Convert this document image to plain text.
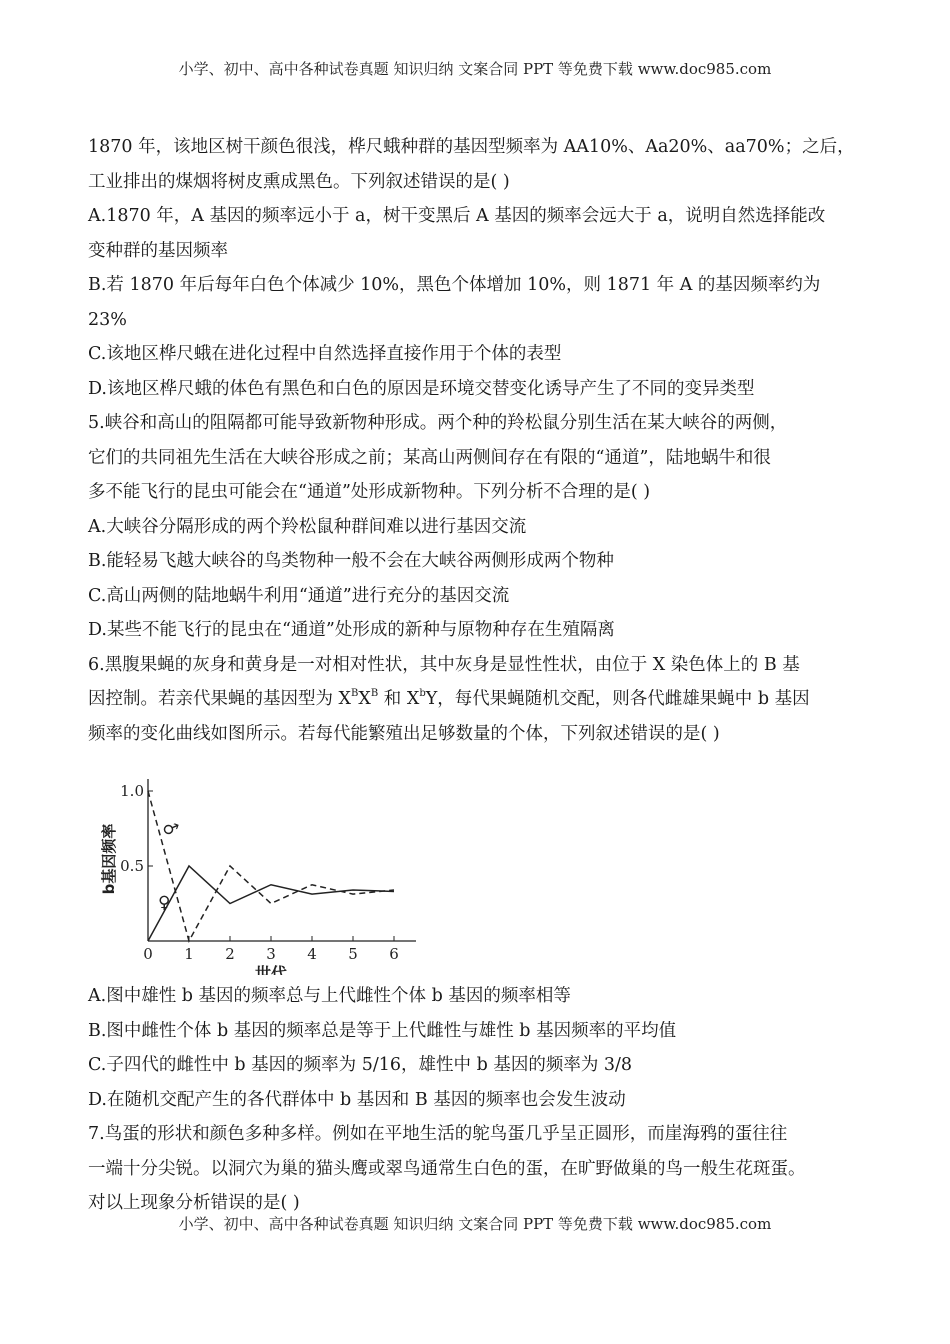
小学、初中、高中各种试卷真题 知识归纳 文案合同 PPT 等免费下载 www.doc985.com
1870 年，该地区树干颜色很浅，桦尺蛾种群的基因型频率为 AA10%、Aa20%、aa70%；之后，
工业排出的煤烟将树皮熏成黑色。下列叙述错误的是( )
A.1870 年，A 基因的频率远小于 a，树干变黑后 A 基因的频率会远大于 a，说明自然选择能改
变种群的基因频率
B.若 1870 年后每年白色个体减少 10%，黑色个体增加 10%，则 1871 年 A 的基因频率约为
23%
C.该地区桦尺蛾在进化过程中自然选择直接作用于个体的表型
D.该地区桦尺蛾的体色有黑色和白色的原因是环境交替变化诱导产生了不同的变异类型
5.峡谷和高山的阻隔都可能导致新物种形成。两个种的羚松鼠分别生活在某大峡谷的两侧，
它们的共同祖先生活在大峡谷形成之前；某高山两侧间存在有限的“通道”，陆地蜗牛和很
多不能飞行的昆虫可能会在“通道”处形成新物种。下列分析不合理的是( )
A.大峡谷分隔形成的两个羚松鼠种群间难以进行基因交流
B.能轻易飞越大峡谷的鸟类物种一般不会在大峡谷两侧形成两个物种
C.高山两侧的陆地蜗牛利用“通道”进行充分的基因交流
D.某些不能飞行的昆虫在“通道”处形成的新种与原物种存在生殖隔离
6.黑腹果蝇的灰身和黄身是一对相对性状，其中灰身是显性性状，由位于 X 染色体上的 B 基
因控制。若亲代果蝇的基因型为 $X^BX^B$ 和 $X^bY$，每代果蝇随机交配，则各代雌雄果蝇中 b 基因
频率的变化曲线如图所示。若每代能繁殖出足够数量的个体，下列叙述错误的是( )
0 1 2 3 4 5 6
1.0
0.5
世代
b基因频率
♀
♂
A.图中雄性 b 基因的频率总与上代雌性个体 b 基因的频率相等
B.图中雌性个体 b 基因的频率总是等于上代雌性与雄性 b 基因频率的平均值
C.子四代的雌性中 b 基因的频率为 5/16，雄性中 b 基因的频率为 3/8
D.在随机交配产生的各代群体中 b 基因和 B 基因的频率也会发生波动
7.鸟蛋的形状和颜色多种多样。例如在平地生活的鸵鸟蛋几乎呈正圆形，而崖海鸦的蛋往往
一端十分尖锐。以洞穴为巢的猫头鹰或翠鸟通常生白色的蛋，在旷野做巢的鸟一般生花斑蛋。
对以上现象分析错误的是( )
小学、初中、高中各种试卷真题 知识归纳 文案合同 PPT 等免费下载 www.doc985.com
